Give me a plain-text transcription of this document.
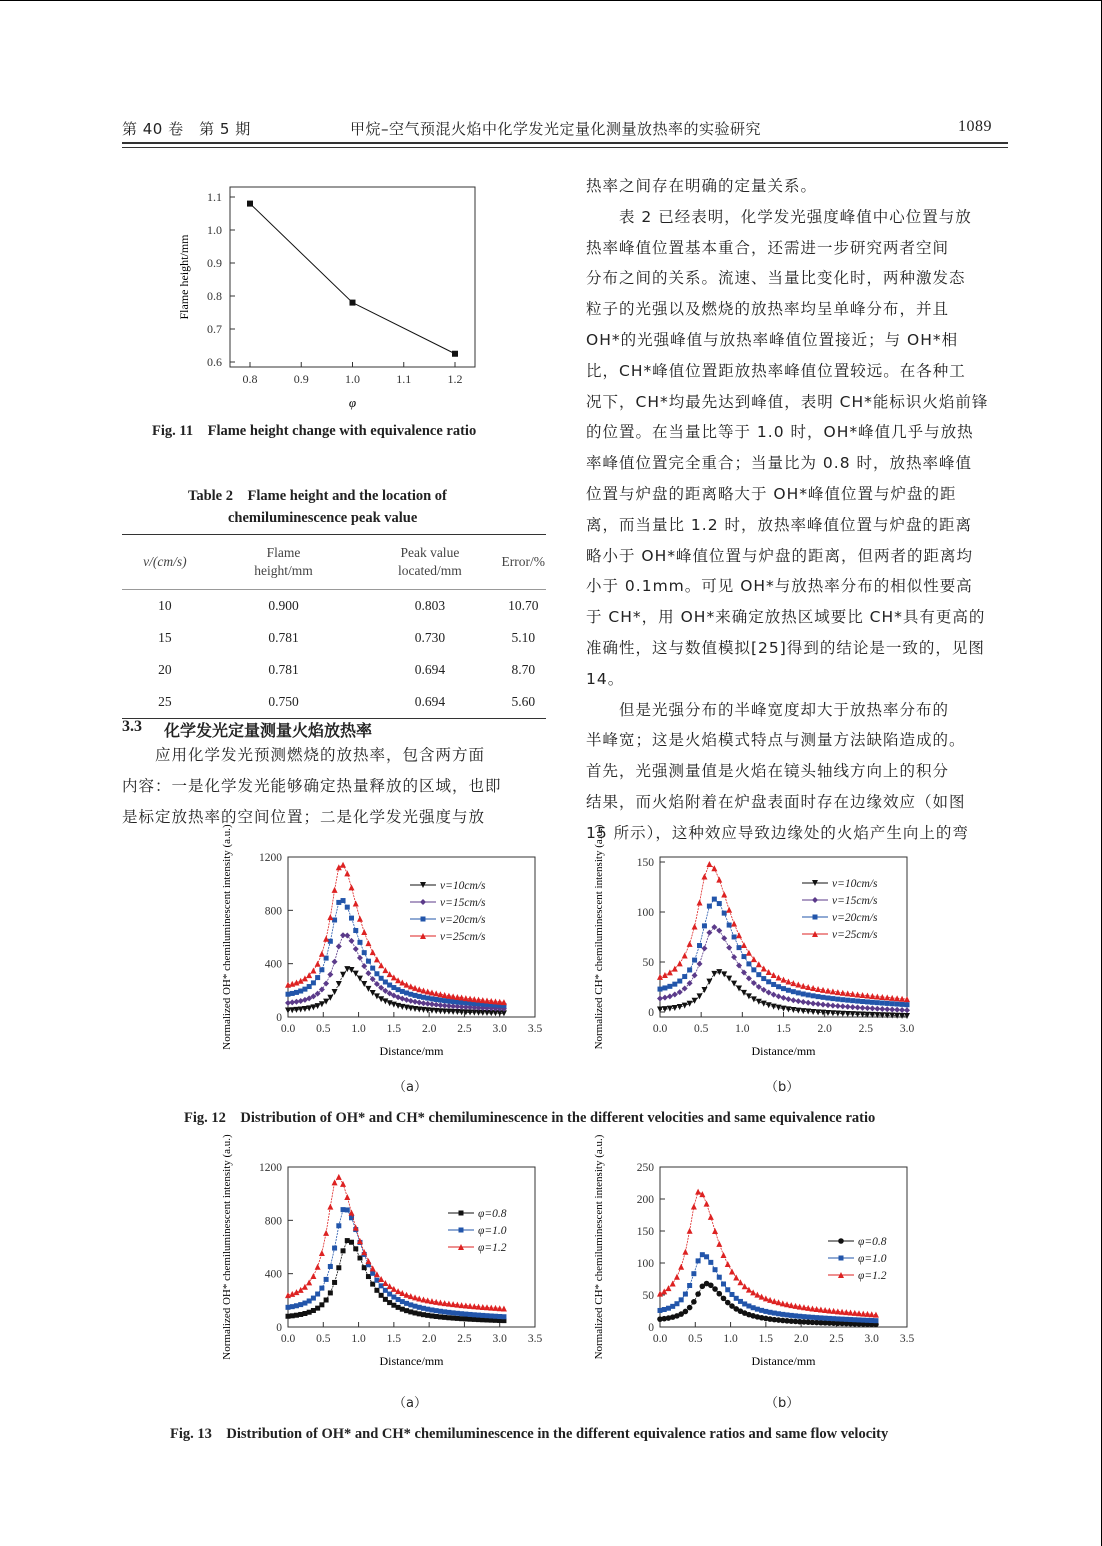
第 40 卷　第 5 期	甲烷–空气预混火焰中化学发光定量化测量放热率的实验研究	1089
0.6
0.7
0.8
0.9
1.0
1.1
0.8	0.9	1.0	1.1	1.2
φ
Flame height/mm
Fig. 11　Flame height change with equivalence ratio
Table 2　Flame height and the location of
chemiluminescence peak value
v/(cm/s)	Flame height/mm	Peak value located/mm	Error/%
10	0.900	0.803	10.70
15	0.781	0.730	5.10
20	0.781	0.694	8.70
25	0.750	0.694	5.60
3.3 化学发光定量测量火焰放热率
　　应用化学发光预测燃烧的放热率，包含两方面
内容：一是化学发光能够确定热量释放的区域，也即
是标定放热率的空间位置；二是化学发光强度与放
热率之间存在明确的定量关系。
　　表 2 已经表明，化学发光强度峰值中心位置与放
热率峰值位置基本重合，还需进一步研究两者空间
分布之间的关系。流速、当量比变化时，两种激发态
粒子的光强以及燃烧的放热率均呈单峰分布，并且
OH*的光强峰值与放热率峰值位置接近；与 OH*相
比，CH*峰值位置距放热率峰值位置较远。在各种工
况下，CH*均最先达到峰值，表明 CH*能标识火焰前锋
的位置。在当量比等于 1.0 时，OH*峰值几乎与放热
率峰值位置完全重合；当量比为 0.8 时，放热率峰值
位置与炉盘的距离略大于 OH*峰值位置与炉盘的距
离，而当量比 1.2 时，放热率峰值位置与炉盘的距离
略小于 OH*峰值位置与炉盘的距离，但两者的距离均
小于 0.1mm。可见 OH*与放热率分布的相似性要高
于 CH*，用 OH*来确定放热区域要比 CH*具有更高的
准确性，这与数值模拟[25]得到的结论是一致的，见图
14。
　　但是光强分布的半峰宽度却大于放热率分布的
半峰宽；这是火焰模式特点与测量方法缺陷造成的。
首先，光强测量值是火焰在镜头轴线方向上的积分
结果，而火焰附着在炉盘表面时存在边缘效应（如图
15 所示），这种效应导致边缘处的火焰产生向上的弯
0
400
800
1200
0.0 0.5 1.0 1.5 2.0 2.5 3.0 3.5
Distance/mm
Normalized OH* chemiluminescent intensity (a.u.)	v=10cm/s
v=15cm/s
v=20cm/s
v=25cm/s
0
50
100
150
0.0 0.5 1.0 1.5 2.0 2.5 3.0
Distance/mm
Normalized CH* chemiluminescent intensity (a.u.)	v=10cm/s
v=15cm/s
v=20cm/s
v=25cm/s
（a）	（b）
Fig. 12　Distribution of OH* and CH* chemiluminescence in the different velocities and same equivalence ratio
0
400
800
1200
0.0 0.5 1.0 1.5 2.0 2.5 3.0 3.5
Distance/mm
Normalized OH* chemiluminescent intensity (a.u.)	φ=0.8
φ=1.0
φ=1.2
0
50
100
150
200
250
0.0 0.5 1.0 1.5 2.0 2.5 3.0 3.5
Distance/mm
Normalized CH* chemiluminescent intensity (a.u.)	φ=0.8
φ=1.0
φ=1.2
（a）	（b）
Fig. 13　Distribution of OH* and CH* chemiluminescence in the different equivalence ratios and same flow velocity
